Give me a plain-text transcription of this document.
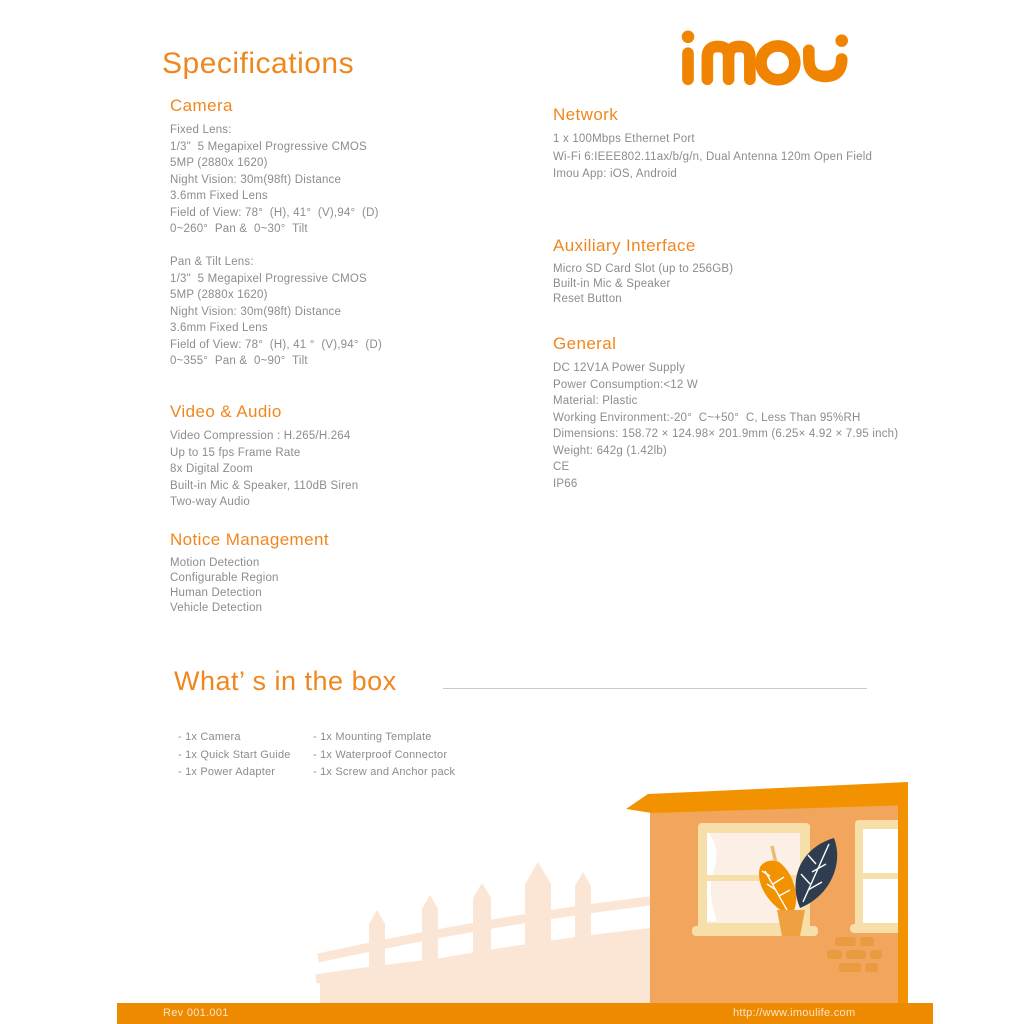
Specifications
Camera

Fixed Lens:

1/3"  5 Megapixel Progressive CMOS

5MP (2880x 1620)

Night Vision: 30m(98ft) Distance

3.6mm Fixed Lens

Field of View: 78°  (H), 41°  (V),94°  (D)

0~260°  Pan &  0~30°  Tilt

Pan & Tilt Lens:

1/3"  5 Megapixel Progressive CMOS

5MP (2880x 1620)

Night Vision: 30m(98ft) Distance

3.6mm Fixed Lens

Field of View: 78°  (H), 41 °  (V),94°  (D)

0~355°  Pan &  0~90°  Tilt

Video & Audio

Video Compression : H.265/H.264

Up to 15 fps Frame Rate

8x Digital Zoom

Built-in Mic & Speaker, 110dB Siren

Two-way Audio

Notice Management

Motion Detection

Configurable Region

Human Detection

Vehicle Detection

Network

1 x 100Mbps Ethernet Port

Wi-Fi 6:IEEE802.11ax/b/g/n, Dual Antenna 120m Open Field

Imou App: iOS, Android

Auxiliary Interface

Micro SD Card Slot (up to 256GB)

Built-in Mic & Speaker

Reset Button

General

DC 12V1A Power Supply

Power Consumption:<12 W

Material: Plastic

Working Environment:-20°  C~+50°  C, Less Than 95%RH

Dimensions: 158.72 × 124.98× 201.9mm (6.25× 4.92 × 7.95 inch)

Weight: 642g (1.42lb)

CE

IP66

What’ s in the box

- 1x Camera

- 1x Quick Start Guide

- 1x Power Adapter

- 1x Mounting Template

- 1x Waterproof Connector

- 1x Screw and Anchor pack

Rev 001.001	http://www.imoulife.com
